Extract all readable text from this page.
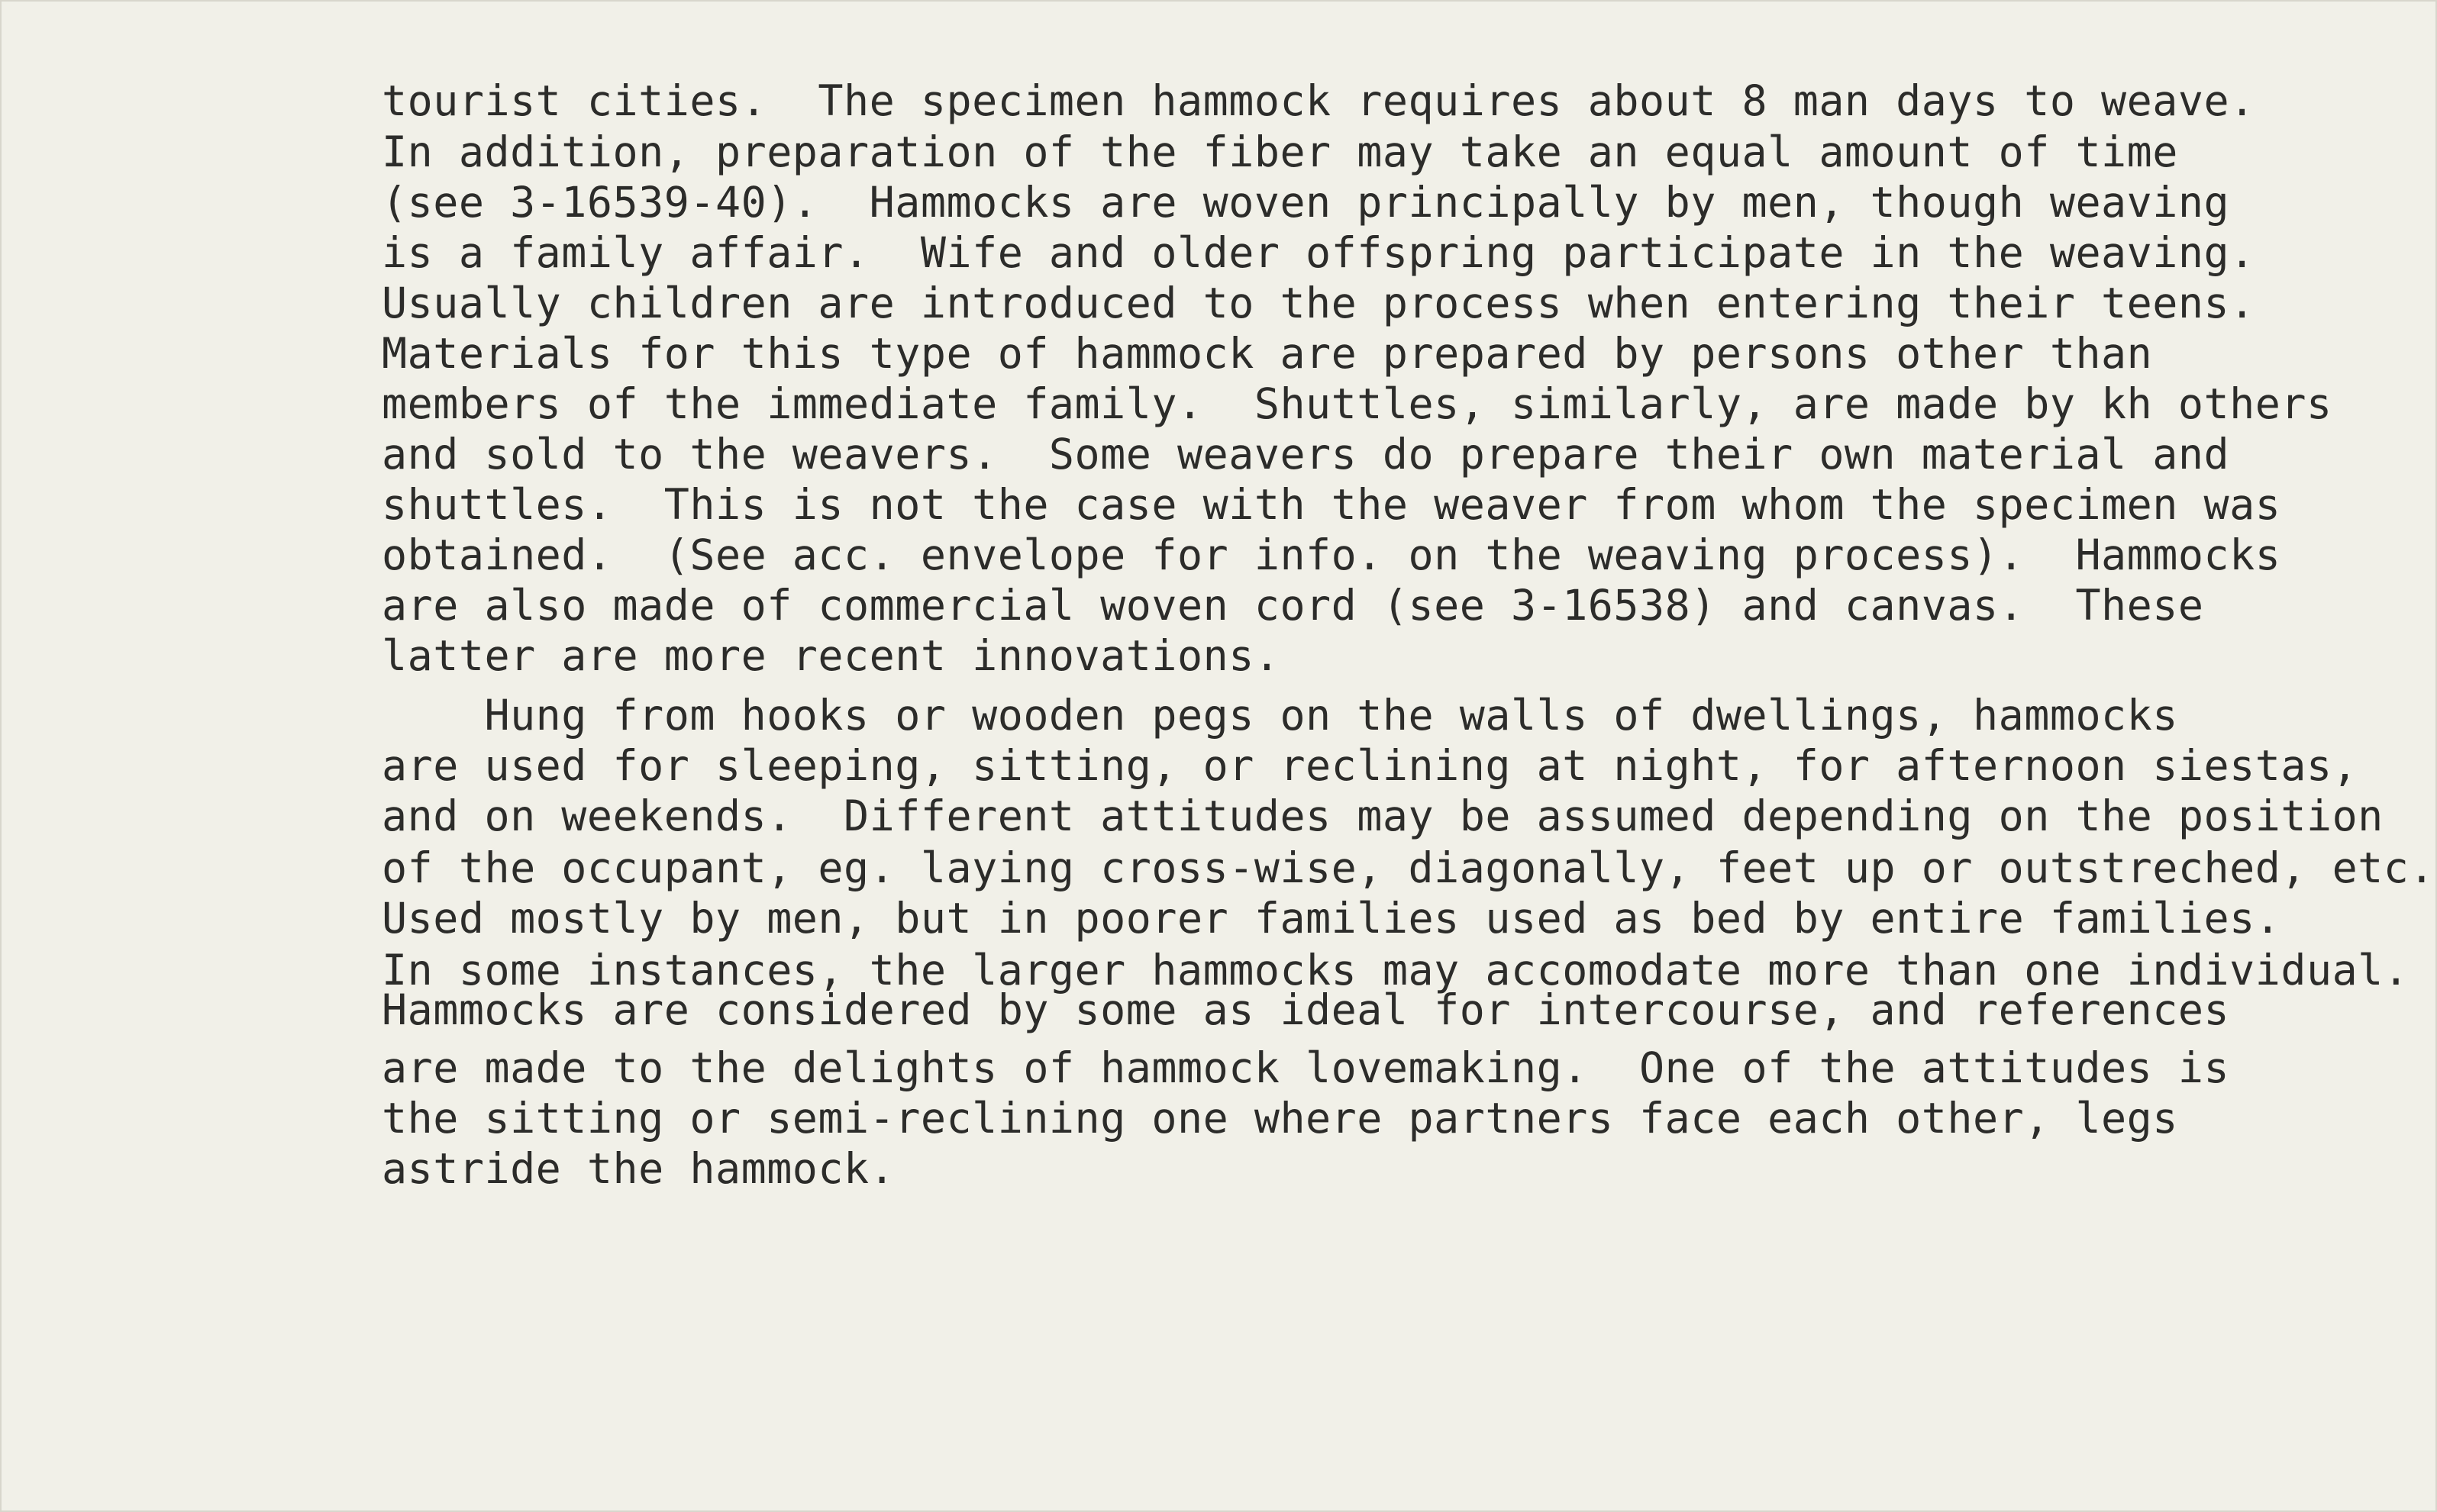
tourist cities.  The specimen hammock requires about 8 man days to weave.
In addition, preparation of the fiber may take an equal amount of time
(see 3-16539-40).  Hammocks are woven principally by men, though weaving
is a family affair.  Wife and older offspring participate in the weaving.
Usually children are introduced to the process when entering their teens.
Materials for this type of hammock are prepared by persons other than
members of the immediate family.  Shuttles, similarly, are made by kh others
and sold to the weavers.  Some weavers do prepare their own material and
shuttles.  This is not the case with the weaver from whom the specimen was
obtained.  (See acc. envelope for info. on the weaving process).  Hammocks
are also made of commercial woven cord (see 3-16538) and canvas.  These
latter are more recent innovations.
Hung from hooks or wooden pegs on the walls of dwellings, hammocks
are used for sleeping, sitting, or reclining at night, for afternoon siestas,
and on weekends.  Different attitudes may be assumed depending on the position
of the occupant, eg. laying cross-wise, diagonally, feet up or outstreched, etc.
Used mostly by men, but in poorer families used as bed by entire families.
In some instances, the larger hammocks may accomodate more than one individual.
Hammocks are considered by some as ideal for intercourse, and references
are made to the delights of hammock lovemaking.  One of the attitudes is
the sitting or semi-reclining one where partners face each other, legs
astride the hammock.
